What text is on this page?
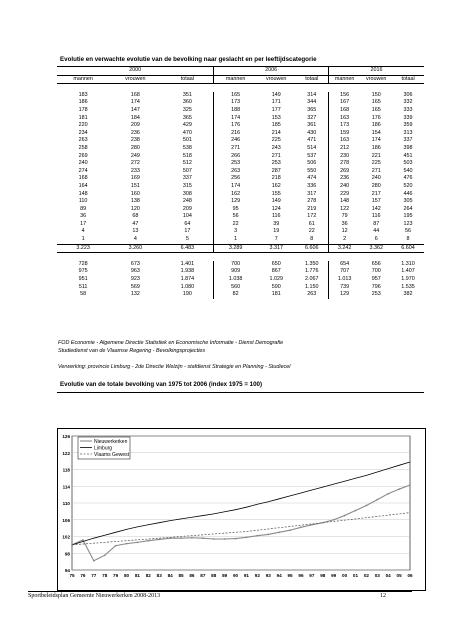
Evolutie en verwachte evolutie van de bevolking naar geslacht en per leeftijdscategorie
2000			2006			2016		
mannen	vrouwen	totaal	mannen	vrouwen	totaal	mannen	vrouwen	totaal

183	168	351	165	149	314	156	150	306
186	174	360	173	171	344	167	165	332
178	147	325	188	177	365	168	165	333
181	184	365	174	153	327	163	176	339
220	209	429	176	185	361	173	186	359
234	236	470	216	214	430	159	154	313
263	238	501	246	225	471	163	174	337
258	280	538	271	243	514	212	186	398
269	249	518	266	271	537	230	221	451
240	272	512	253	253	506	278	225	503
274	233	507	263	287	550	269	271	540
168	169	337	256	218	474	236	240	476
164	151	315	174	162	336	240	280	520
148	160	308	162	155	317	229	217	446
110	138	248	129	149	278	148	157	305
89	120	209	95	124	219	122	142	264
36	68	104	56	116	172	79	116	195
17	47	64	22	39	61	36	87	123
4	13	17	3	19	22	12	44	56
1	4	5	1	7	8	2	6	8
3.223	3.260	6.483	3.289	3.317	6.606	3.242	3.362	6.604

728	673	1.401	700	650	1.350	654	656	1.310
975	963	1.938	909	867	1.776	707	700	1.407
951	923	1.874	1.038	1.029	2.067	1.013	957	1.970
511	569	1.080	560	590	1.150	739	796	1.535
58	132	190	82	181	263	129	253	382
FOD Economie - Algemene Directie Statistiek en Economische Informatie - Dienst Demografie
Studiedienst van de Vlaamse Regering - Bevolkingsprojecties
Verwerking: provincie Limburg - 2de Directie Welzijn - stafdienst Strategie en Planning - Studiecel
Evolutie van de totale bevolking van 1975 tot 2006 (index 1975 = 100)
94
98
102
106
110
114
118
122
126
75 76 77 78 79 80 81 82 83 84 85 86 87 88 89 90 91 92 93 94 95 96 97 98 99 00 01 02 03 04 05 06
Nieuwerkerken
Limburg
Vlaams Gewest
Sportbeleidsplan Gemeente Nieuwerkerken 2008-2013	12
